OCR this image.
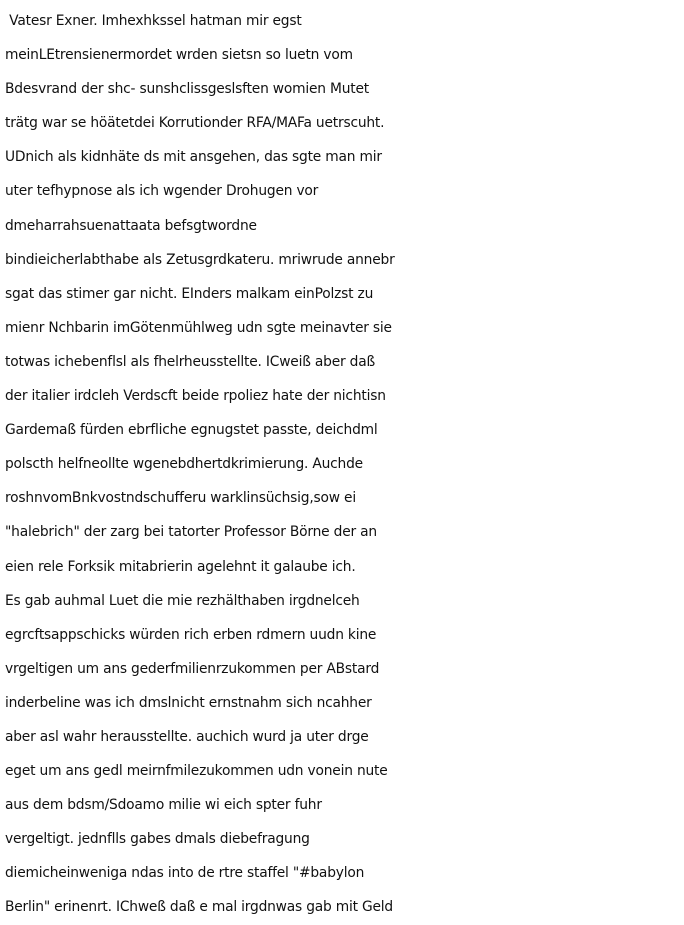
Vatesr Exner. Imhexhkssel hatman mir egst
meinLEtrensienermordet wrden sietsn so luetn vom
Bdesvrand der shc- sunshclissgeslsften womien Mutet
trätg war se höätetdei Korrutionder RFA/MAFa uetrscuht.
UDnich als kidnhäte ds mit ansgehen, das sgte man mir
uter tefhypnose als ich wgender Drohugen vor
dmeharrahsuenattaata befsgtwordne
bindieicherlabthabe als Zetusgrdkateru. mriwrude annebr
sgat das stimer gar nicht. EInders malkam einPolzst zu
mienr Nchbarin imGötenmühlweg udn sgte meinavter sie
totwas ichebenflsl als fhelrheusstellte. ICweiß aber daß
der italier irdcleh Verdscft beide rpoliez hate der nichtisn
Gardemaß fürden ebrfliche egnugstet passte, deichdml
polscth helfneollte wgenebdhertdkrimierung. Auchde
roshnvomBnkvostndschufferu warklinsüchsig,sow ei
"halebrich" der zarg bei tatorter Professor Börne der an
eien rele Forksik mitabrierin agelehnt it galaube ich.
Es gab auhmal Luet die mie rezhälthaben irgdnelceh
egrcftsappschicks würden rich erben rdmern uudn kine
vrgeltigen um ans gederfmilienrzukommen per ABstard
inderbeline was ich dmslnicht ernstnahm sich ncahher
aber asl wahr herausstellte. auchich wurd ja uter drge
eget um ans gedl meirnfmilezukommen udn vonein nute
aus dem bdsm/Sdoamo milie wi eich spter fuhr
vergeltigt. jednflls gabes dmals diebefragung
diemicheinweniga ndas into de rtre staffel "#babylon
Berlin" erinenrt. IChweß daß e mal irgdnwas gab mit Geld
